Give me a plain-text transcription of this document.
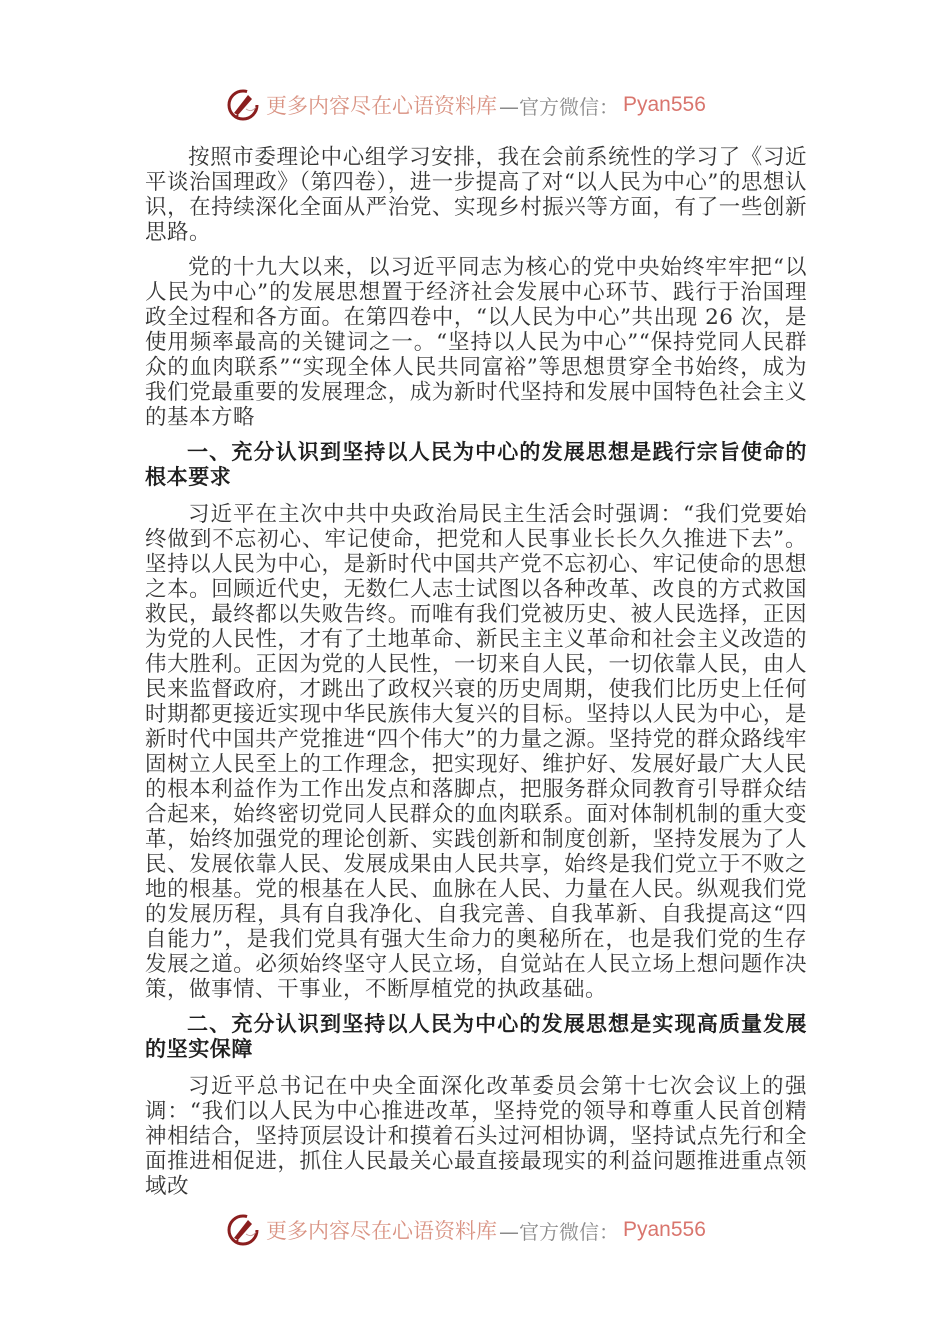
更多内容尽在心语资料库 —官方微信： Pyan556

按照市委理论中心组学习安排，我在会前系统性的学习了《习近平谈治国理政》（第四卷），进一步提高了对“以人民为中心”的思想认识，在持续深化全面从严治党、实现乡村振兴等方面，有了一些创新思路。

党的十九大以来，以习近平同志为核心的党中央始终牢牢把“以人民为中心”的发展思想置于经济社会发展中心环节、践行于治国理政全过程和各方面。在第四卷中，“以人民为中心”共出现 26 次，是使用频率最高的关键词之一。“坚持以人民为中心”“保持党同人民群众的血肉联系”“实现全体人民共同富裕”等思想贯穿全书始终，成为我们党最重要的发展理念，成为新时代坚持和发展中国特色社会主义的基本方略

一、充分认识到坚持以人民为中心的发展思想是践行宗旨使命的根本要求

习近平在主次中共中央政治局民主生活会时强调：“我们党要始终做到不忘初心、牢记使命，把党和人民事业长长久久推进下去”。坚持以人民为中心，是新时代中国共产党不忘初心、牢记使命的思想之本。回顾近代史，无数仁人志士试图以各种改革、改良的方式救国救民，最终都以失败告终。而唯有我们党被历史、被人民选择，正因为党的人民性，才有了土地革命、新民主主义革命和社会主义改造的伟大胜利。正因为党的人民性，一切来自人民，一切依靠人民，由人民来监督政府，才跳出了政权兴衰的历史周期，使我们比历史上任何时期都更接近实现中华民族伟大复兴的目标。坚持以人民为中心，是新时代中国共产党推进“四个伟大”的力量之源。坚持党的群众路线牢固树立人民至上的工作理念，把实现好、维护好、发展好最广大人民的根本利益作为工作出发点和落脚点，把服务群众同教育引导群众结合起来，始终密切党同人民群众的血肉联系。面对体制机制的重大变革，始终加强党的理论创新、实践创新和制度创新，坚持发展为了人民、发展依靠人民、发展成果由人民共享，始终是我们党立于不败之地的根基。党的根基在人民、血脉在人民、力量在人民。纵观我们党的发展历程，具有自我净化、自我完善、自我革新、自我提高这“四自能力”，是我们党具有强大生命力的奥秘所在，也是我们党的生存发展之道。必须始终坚守人民立场，自觉站在人民立场上想问题作决策，做事情、干事业，不断厚植党的执政基础。

二、充分认识到坚持以人民为中心的发展思想是实现高质量发展的坚实保障

习近平总书记在中央全面深化改革委员会第十七次会议上的强调：“我们以人民为中心推进改革，坚持党的领导和尊重人民首创精神相结合，坚持顶层设计和摸着石头过河相协调，坚持试点先行和全面推进相促进，抓住人民最关心最直接最现实的利益问题推进重点领域改

更多内容尽在心语资料库 —官方微信： Pyan556
